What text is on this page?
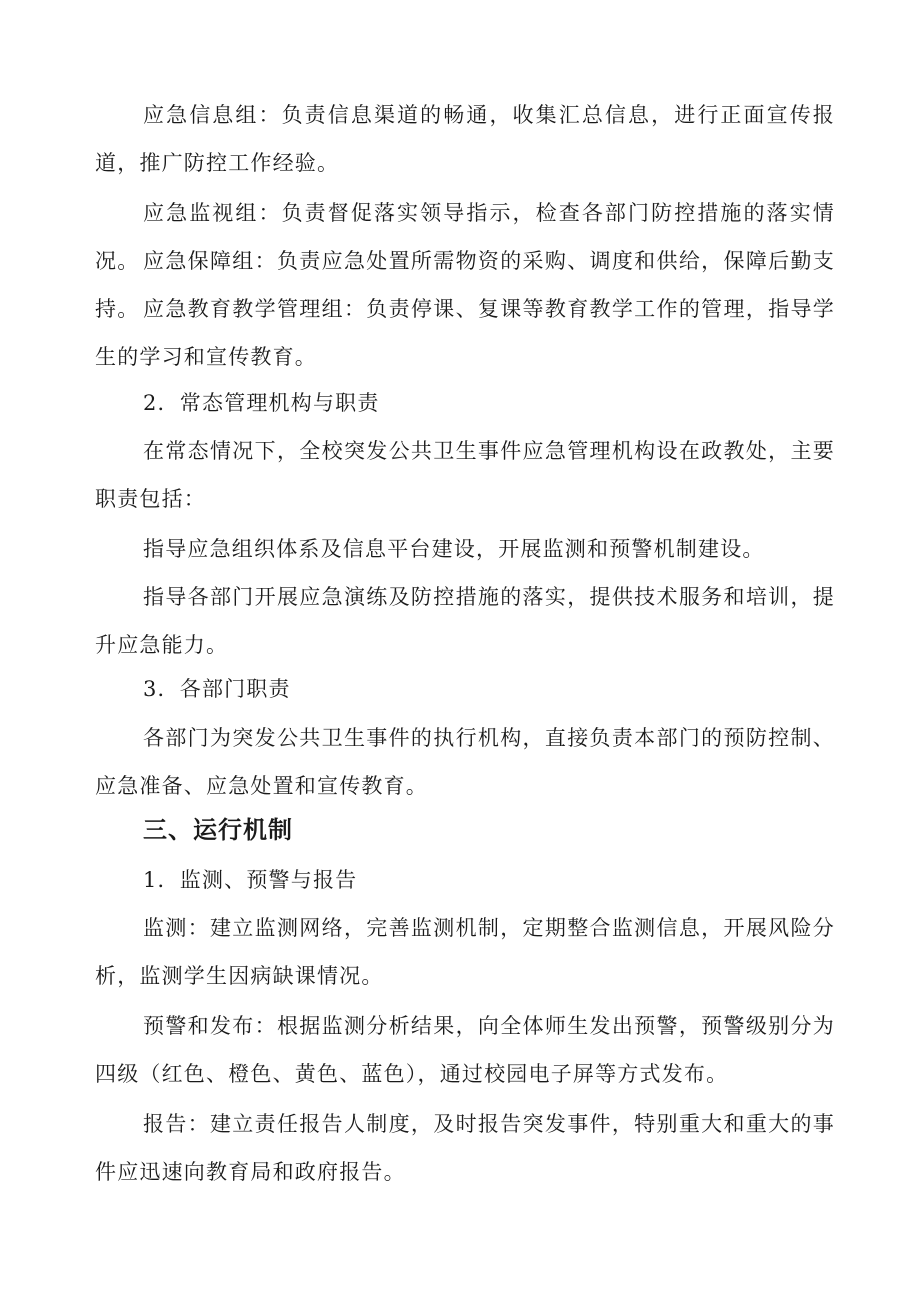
应急信息组：负责信息渠道的畅通，收集汇总信息，进行正面宣传报道，推广防控工作经验。

应急监视组：负责督促落实领导指示，检查各部门防控措施的落实情况。 应急保障组：负责应急处置所需物资的采购、调度和供给，保障后勤支持。 应急教育教学管理组：负责停课、复课等教育教学工作的管理，指导学生的学习和宣传教育。

2．常态管理机构与职责

在常态情况下，全校突发公共卫生事件应急管理机构设在政教处，主要职责包括：

指导应急组织体系及信息平台建设，开展监测和预警机制建设。

指导各部门开展应急演练及防控措施的落实，提供技术服务和培训，提升应急能力。

3．各部门职责

各部门为突发公共卫生事件的执行机构，直接负责本部门的预防控制、应急准备、应急处置和宣传教育。

三、运行机制

1．监测、预警与报告

监测：建立监测网络，完善监测机制，定期整合监测信息，开展风险分析，监测学生因病缺课情况。

预警和发布：根据监测分析结果，向全体师生发出预警，预警级别分为四级（红色、橙色、黄色、蓝色），通过校园电子屏等方式发布。

报告：建立责任报告人制度，及时报告突发事件，特别重大和重大的事件应迅速向教育局和政府报告。
